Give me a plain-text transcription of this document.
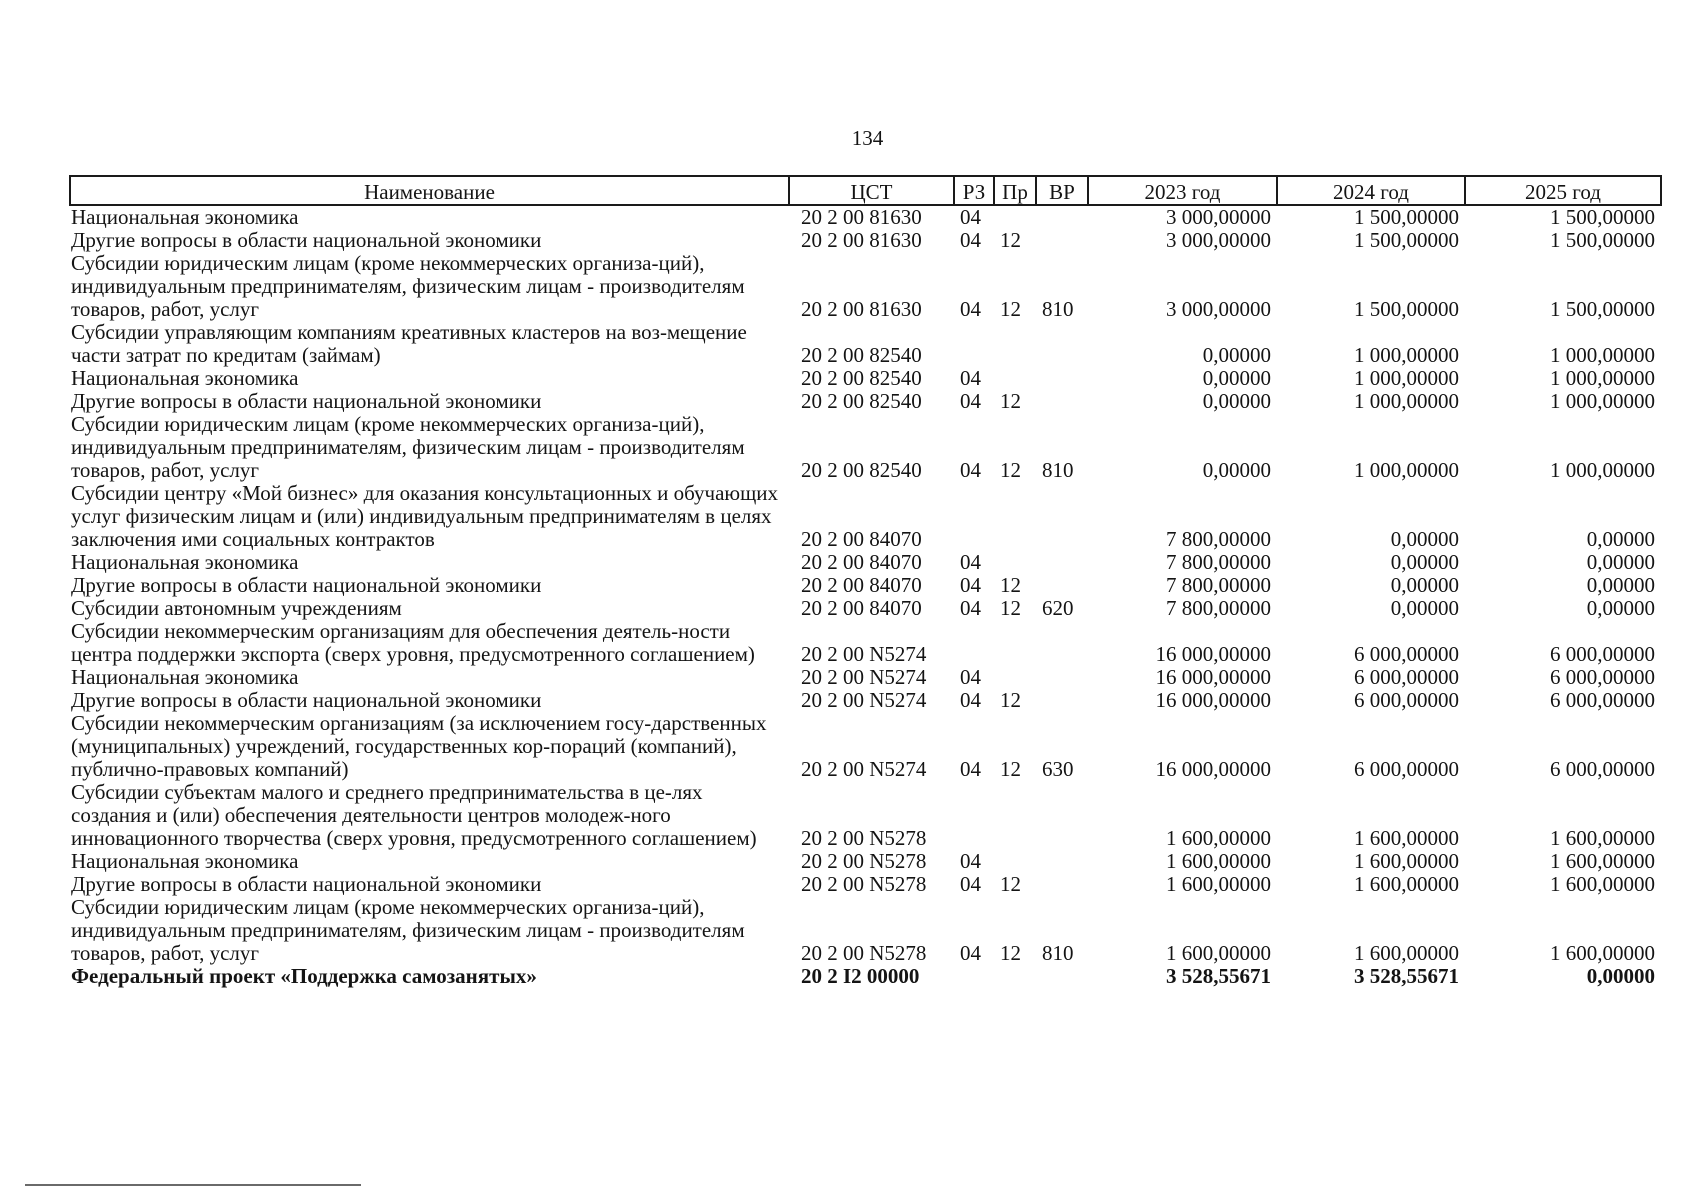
134
Наименование	ЦСТ	РЗ	Пр	ВР	2023 год	2024 год	2025 год
Национальная экономика	20 2 00 81630	04			3 000,00000	1 500,00000	1 500,00000
Другие вопросы в области национальной экономики	20 2 00 81630	04	12		3 000,00000	1 500,00000	1 500,00000
Субсидии юридическим лицам (кроме некоммерческих организа-ций), индивидуальным предпринимателям, физическим лицам - производителям товаров, работ, услуг	20 2 00 81630	04	12	810	3 000,00000	1 500,00000	1 500,00000
Субсидии управляющим компаниям креативных кластеров на воз-мещение части затрат по кредитам (займам)	20 2 00 82540				0,00000	1 000,00000	1 000,00000
Национальная экономика	20 2 00 82540	04			0,00000	1 000,00000	1 000,00000
Другие вопросы в области национальной экономики	20 2 00 82540	04	12		0,00000	1 000,00000	1 000,00000
Субсидии юридическим лицам (кроме некоммерческих организа-ций), индивидуальным предпринимателям, физическим лицам - производителям товаров, работ, услуг	20 2 00 82540	04	12	810	0,00000	1 000,00000	1 000,00000
Субсидии центру «Мой бизнес» для оказания консультационных и обучающих услуг физическим лицам и (или) индивидуальным предпринимателям в целях заключения ими социальных контрактов	20 2 00 84070				7 800,00000	0,00000	0,00000
Национальная экономика	20 2 00 84070	04			7 800,00000	0,00000	0,00000
Другие вопросы в области национальной экономики	20 2 00 84070	04	12		7 800,00000	0,00000	0,00000
Субсидии автономным учреждениям	20 2 00 84070	04	12	620	7 800,00000	0,00000	0,00000
Субсидии некоммерческим организациям для обеспечения деятель-ности центра поддержки экспорта (сверх уровня, предусмотренного соглашением)	20 2 00 N5274				16 000,00000	6 000,00000	6 000,00000
Национальная экономика	20 2 00 N5274	04			16 000,00000	6 000,00000	6 000,00000
Другие вопросы в области национальной экономики	20 2 00 N5274	04	12		16 000,00000	6 000,00000	6 000,00000
Субсидии некоммерческим организациям (за исключением госу-дарственных (муниципальных) учреждений, государственных кор-пораций (компаний), публично-правовых компаний)	20 2 00 N5274	04	12	630	16 000,00000	6 000,00000	6 000,00000
Субсидии субъектам малого и среднего предпринимательства в це-лях создания и (или) обеспечения деятельности центров молодеж-ного инновационного творчества (сверх уровня, предусмотренного соглашением)	20 2 00 N5278				1 600,00000	1 600,00000	1 600,00000
Национальная экономика	20 2 00 N5278	04			1 600,00000	1 600,00000	1 600,00000
Другие вопросы в области национальной экономики	20 2 00 N5278	04	12		1 600,00000	1 600,00000	1 600,00000
Субсидии юридическим лицам (кроме некоммерческих организа-ций), индивидуальным предпринимателям, физическим лицам - производителям товаров, работ, услуг	20 2 00 N5278	04	12	810	1 600,00000	1 600,00000	1 600,00000
Федеральный проект «Поддержка самозанятых»	20 2 I2 00000				3 528,55671	3 528,55671	0,00000
